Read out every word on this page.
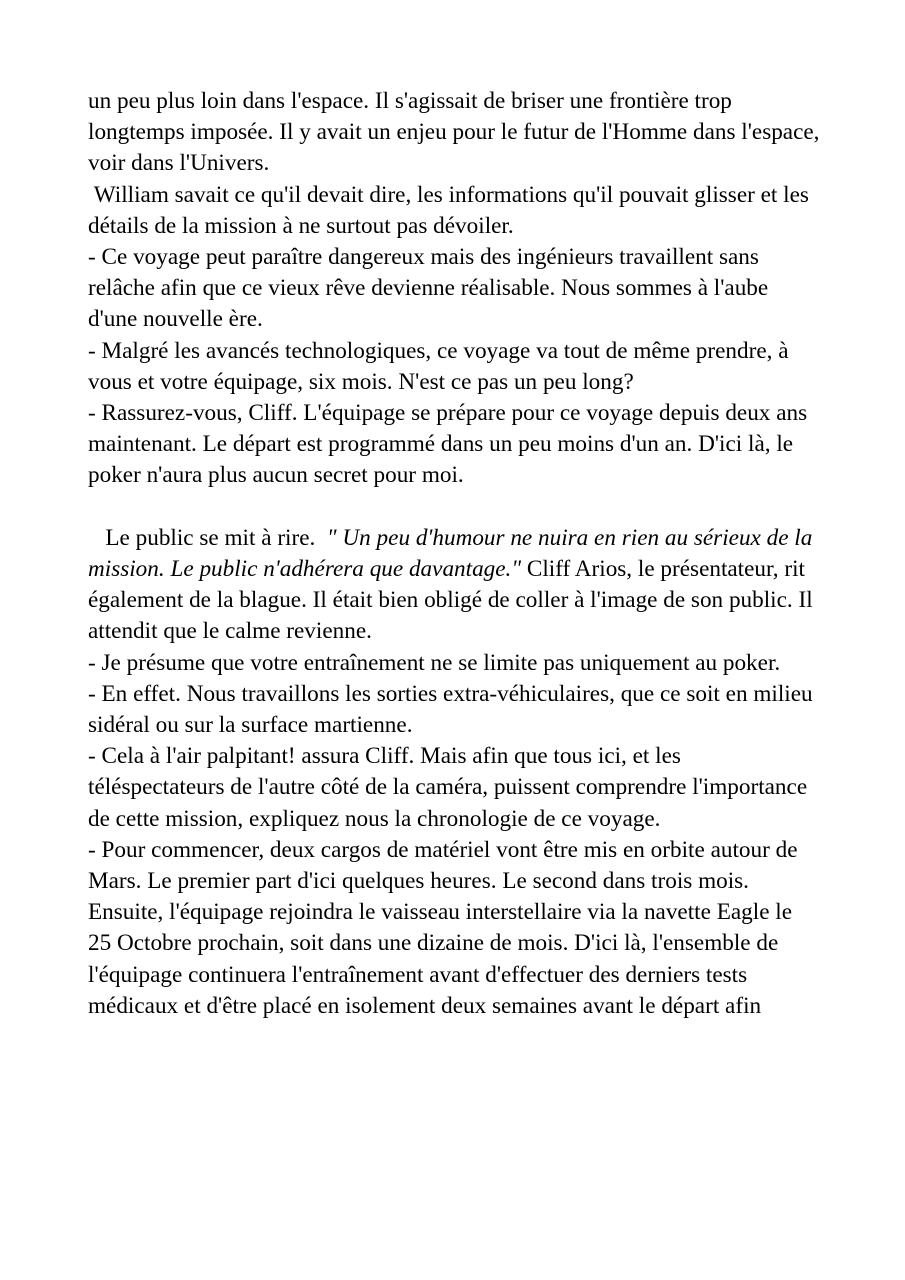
un peu plus loin dans l'espace. Il s'agissait de briser une frontière trop longtemps imposée. Il y avait un enjeu pour le futur de l'Homme dans l'espace, voir dans l'Univers.

William savait ce qu'il devait dire, les informations qu'il pouvait glisser et les détails de la mission à ne surtout pas dévoiler.

- Ce voyage peut paraître dangereux mais des ingénieurs travaillent sans relâche afin que ce vieux rêve devienne réalisable. Nous sommes à l'aube d'une nouvelle ère.

- Malgré les avancés technologiques, ce voyage va tout de même prendre, à vous et votre équipage, six mois. N'est ce pas un peu long?

- Rassurez-vous, Cliff. L'équipage se prépare pour ce voyage depuis deux ans maintenant. Le départ est programmé dans un peu moins d'un an. D'ici là, le poker n'aura plus aucun secret pour moi.

Le public se mit à rire.  " Un peu d'humour ne nuira en rien au sérieux de la mission. Le public n'adhérera que davantage." Cliff Arios, le présentateur, rit également de la blague. Il était bien obligé de coller à l'image de son public. Il attendit que le calme revienne.

- Je présume que votre entraînement ne se limite pas uniquement au poker.

- En effet. Nous travaillons les sorties extra-véhiculaires, que ce soit en milieu sidéral ou sur la surface martienne.

- Cela à l'air palpitant! assura Cliff. Mais afin que tous ici, et les téléspectateurs de l'autre côté de la caméra, puissent comprendre l'importance de cette mission, expliquez nous la chronologie de ce voyage.

- Pour commencer, deux cargos de matériel vont être mis en orbite autour de Mars. Le premier part d'ici quelques heures. Le second dans trois mois. Ensuite, l'équipage rejoindra le vaisseau interstellaire via la navette Eagle le 25 Octobre prochain, soit dans une dizaine de mois. D'ici là, l'ensemble de l'équipage continuera l'entraînement avant d'effectuer des derniers tests médicaux et d'être placé en isolement deux semaines avant le départ afin
